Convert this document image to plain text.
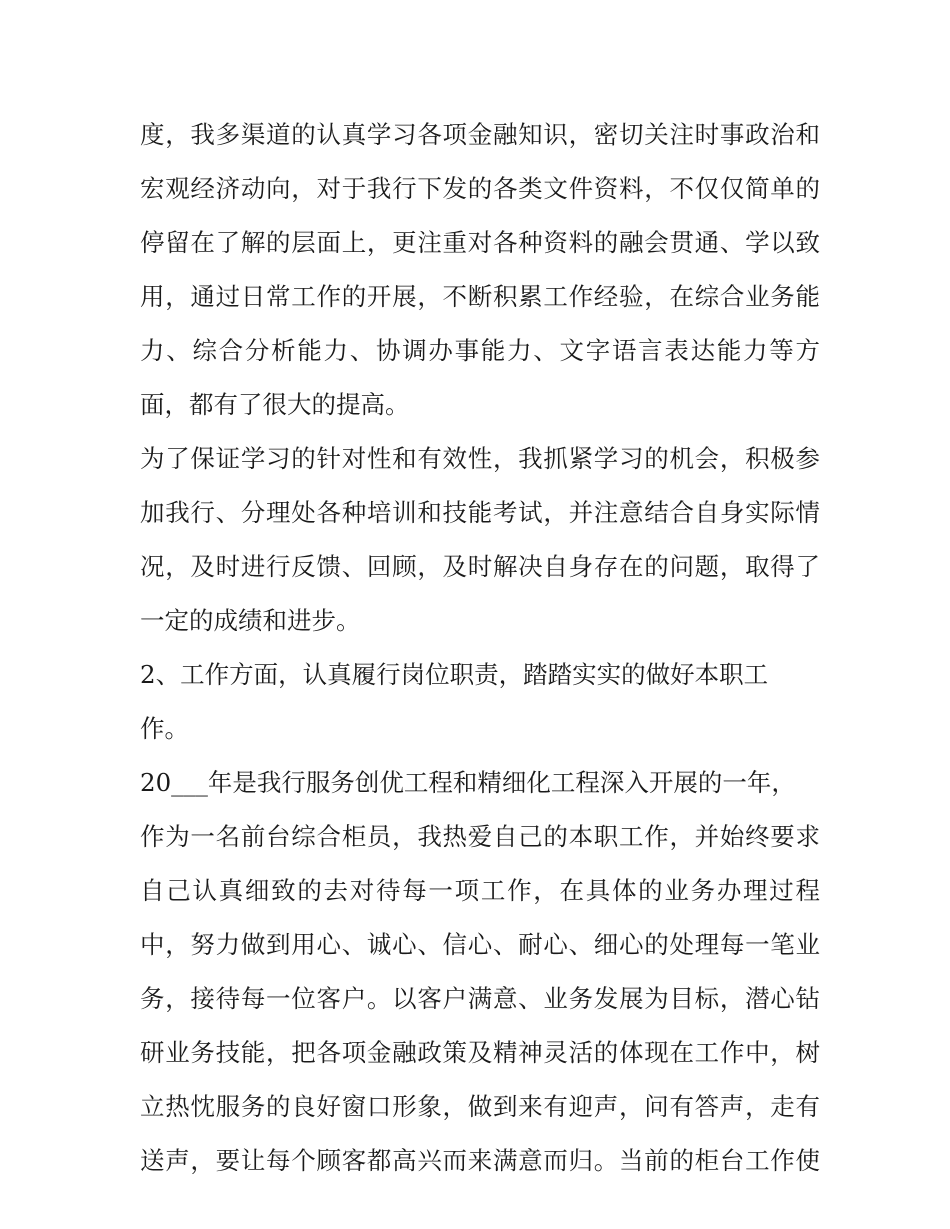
度，我多渠道的认真学习各项金融知识，密切关注时事政治和
宏观经济动向，对于我行下发的各类文件资料，不仅仅简单的
停留在了解的层面上，更注重对各种资料的融会贯通、学以致
用，通过日常工作的开展，不断积累工作经验，在综合业务能
力、综合分析能力、协调办事能力、文字语言表达能力等方
面，都有了很大的提高。
为了保证学习的针对性和有效性，我抓紧学习的机会，积极参
加我行、分理处各种培训和技能考试，并注意结合自身实际情
况，及时进行反馈、回顾，及时解决自身存在的问题，取得了
一定的成绩和进步。
2、工作方面，认真履行岗位职责，踏踏实实的做好本职工
作。
20___年是我行服务创优工程和精细化工程深入开展的一年，
作为一名前台综合柜员，我热爱自己的本职工作，并始终要求
自己认真细致的去对待每一项工作，在具体的业务办理过程
中，努力做到用心、诚心、信心、耐心、细心的处理每一笔业
务，接待每一位客户。以客户满意、业务发展为目标，潜心钻
研业务技能，把各项金融政策及精神灵活的体现在工作中，树
立热忱服务的良好窗口形象，做到来有迎声，问有答声，走有
送声，要让每个顾客都高兴而来满意而归。当前的柜台工作使
